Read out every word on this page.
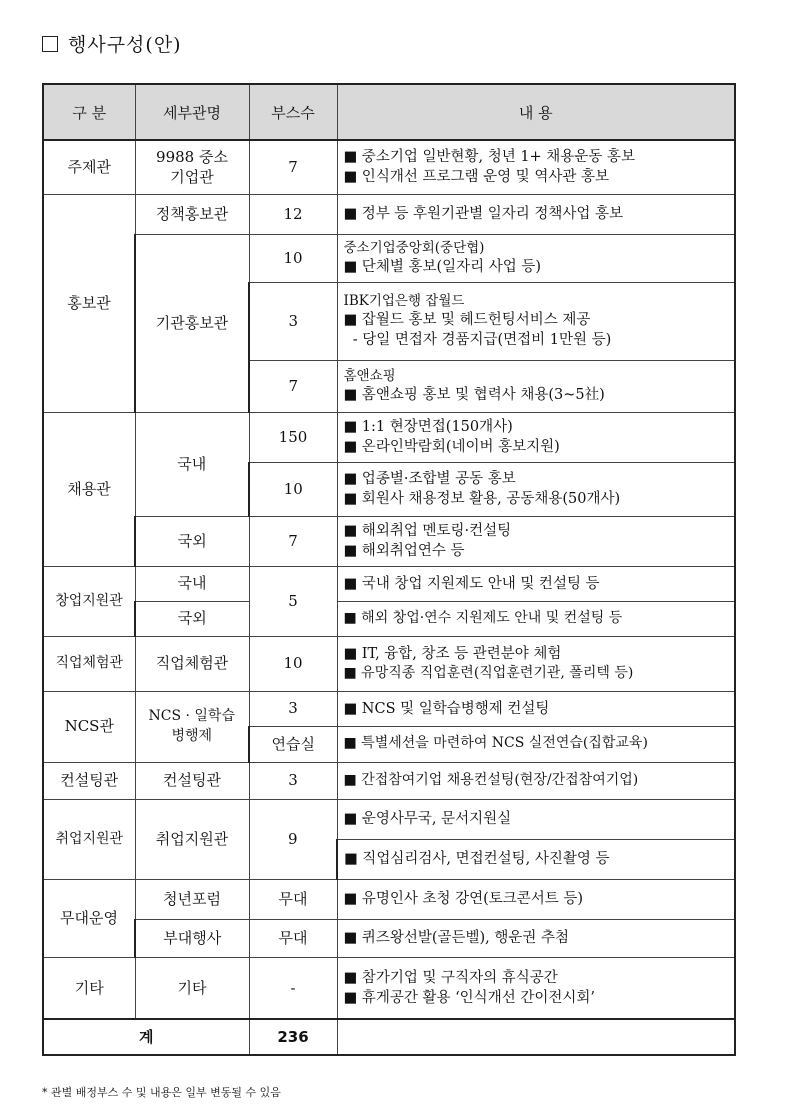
행사구성(안)
구 분	세부관명	부스수	내 용
주제관	9988 중소기업관	7	■ 중소기업 일반현황, 청년 1+ 채용운동 홍보
■ 인식개선 프로그램 운영 및 역사관 홍보

홍보관	정책홍보관	12	■ 정부 등 후원기관별 일자리 정책사업 홍보

	기관홍보관	10	중소기업중앙회(중단협)
■ 단체별 홍보(일자리 사업 등)

		3	IBK기업은행 잡월드
■ 잡월드 홍보 및 헤드헌팅서비스 제공
- 당일 면접자 경품지급(면접비 1만원 등)

		7	홈앤쇼핑
■ 홈앤쇼핑 홍보 및 협력사 채용(3~5社)

채용관	국내	150	■ 1:1 현장면접(150개사)
■ 온라인박람회(네이버 홍보지원)

		10	■ 업종별·조합별 공동 홍보
■ 회원사 채용정보 활용, 공동채용(50개사)

	국외	7	■ 해외취업 멘토링·컨설팅
■ 해외취업연수 등

창업지원관	국내	5	■ 국내 창업 지원제도 안내 및 컨설팅 등

	국외		■ 해외 창업·연수 지원제도 안내 및 컨설팅 등

직업체험관	직업체험관	10	■ IT, 융합, 창조 등 관련분야 체험
■ 유망직종 직업훈련(직업훈련기관, 폴리텍 등)

NCS관	NCS · 일학습병행제	3	■ NCS 및 일학습병행제 컨설팅

		연습실	■ 특별세션을 마련하여 NCS 실전연습(집합교육)

컨설팅관	컨설팅관	3	■ 간접참여기업 채용컨설팅(현장/간접참여기업)

취업지원관	취업지원관	9	■ 운영사무국, 문서지원실

			■ 직업심리검사, 면접컨설팅, 사진촬영 등

무대운영	청년포럼	무대	■ 유명인사 초청 강연(토크콘서트 등)

	부대행사	무대	■ 퀴즈왕선발(골든벨), 행운권 추첨

기타	기타	-	■ 참가기업 및 구직자의 휴식공간
■ 휴게공간 활용 ‘인식개선 간이전시회’

계		236	
* 관별 배정부스 수 및 내용은 일부 변동될 수 있음
